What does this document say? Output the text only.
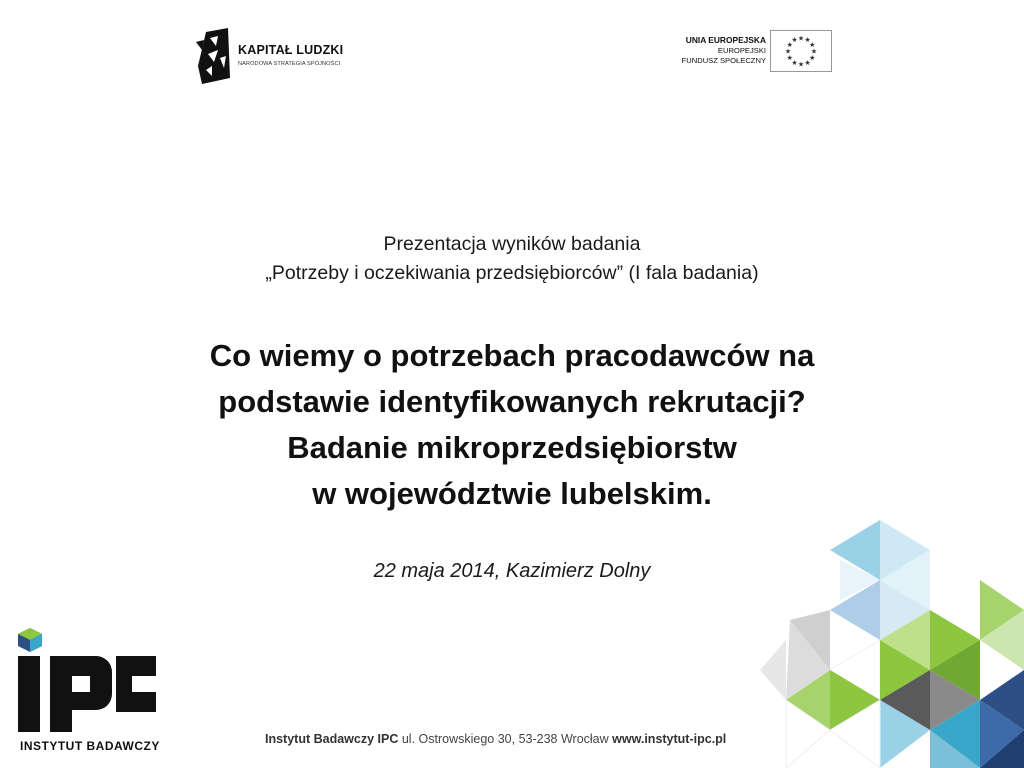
KAPITAŁ LUDZKI
NARODOWA STRATEGIA SPÓJNOŚCI
UNIA EUROPEJSKA
EUROPEJSKI
FUNDUSZ SPOŁECZNY
★
★
★
★
★
★
★
★
★ ★ ★
★
Prezentacja wyników badania
„Potrzeby i oczekiwania przedsiębiorców” (I fala badania)
Co wiemy o potrzebach pracodawców na
podstawie identyfikowanych rekrutacji?
Badanie mikroprzedsiębiorstw
w województwie lubelskim.
22 maja 2014, Kazimierz Dolny
INSTYTUT BADAWCZY	Instytut Badawczy IPC ul. Ostrowskiego 30, 53-238 Wrocław www.instytut-ipc.pl
